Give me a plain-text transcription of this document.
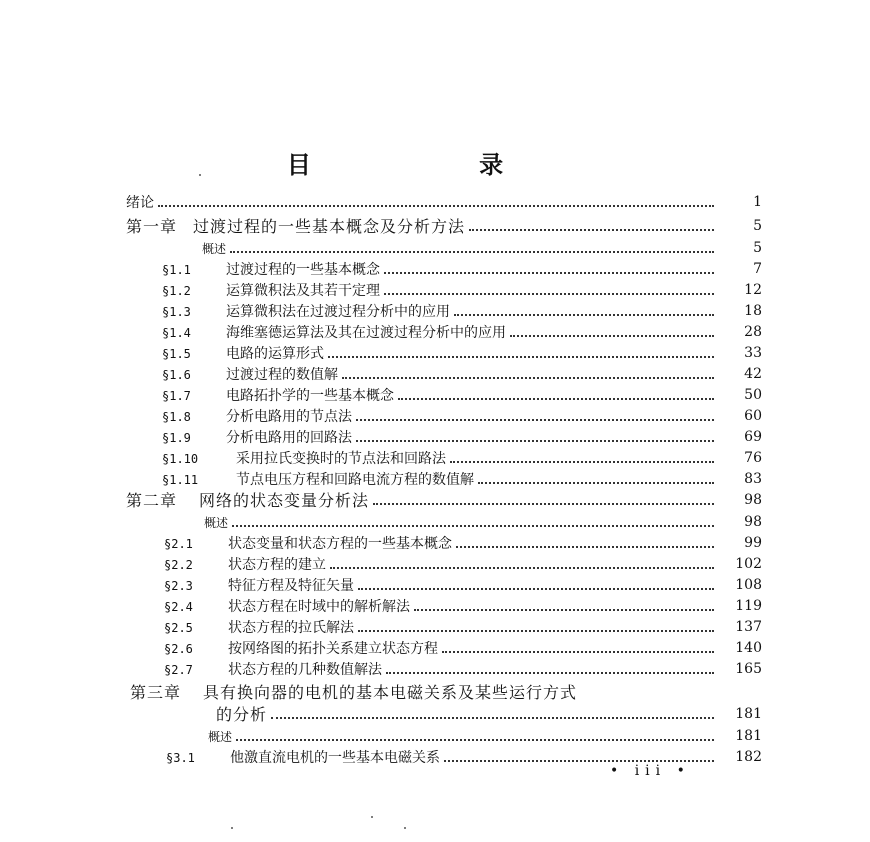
目 录
绪论	1
第一章 过渡过程的一些基本概念及分析方法	5
概述	5
§1.1	过渡过程的一些基本概念	7
§1.2	运算微积法及其若干定理	12
§1.3	运算微积法在过渡过程分析中的应用	18
§1.4	海维塞德运算法及其在过渡过程分析中的应用	28
§1.5	电路的运算形式	33
§1.6	过渡过程的数值解	42
§1.7	电路拓扑学的一些基本概念	50
§1.8	分析电路用的节点法	60
§1.9	分析电路用的回路法	69
§1.10	采用拉氏变换时的节点法和回路法	76
§1.11	节点电压方程和回路电流方程的数值解	83
第二章 网络的状态变量分析法	98
概述	98
§2.1	状态变量和状态方程的一些基本概念	99
§2.2	状态方程的建立	102
§2.3	特征方程及特征矢量	108
§2.4	状态方程在时域中的解析解法	119
§2.5	状态方程的拉氏解法	137
§2.6	按网络图的拓扑关系建立状态方程	140
§2.7	状态方程的几种数值解法	165
第三章 具有换向器的电机的基本电磁关系及某些运行方式
的分析	181
概述	181
§3.1	他激直流电机的一些基本电磁关系	182
• iii •
